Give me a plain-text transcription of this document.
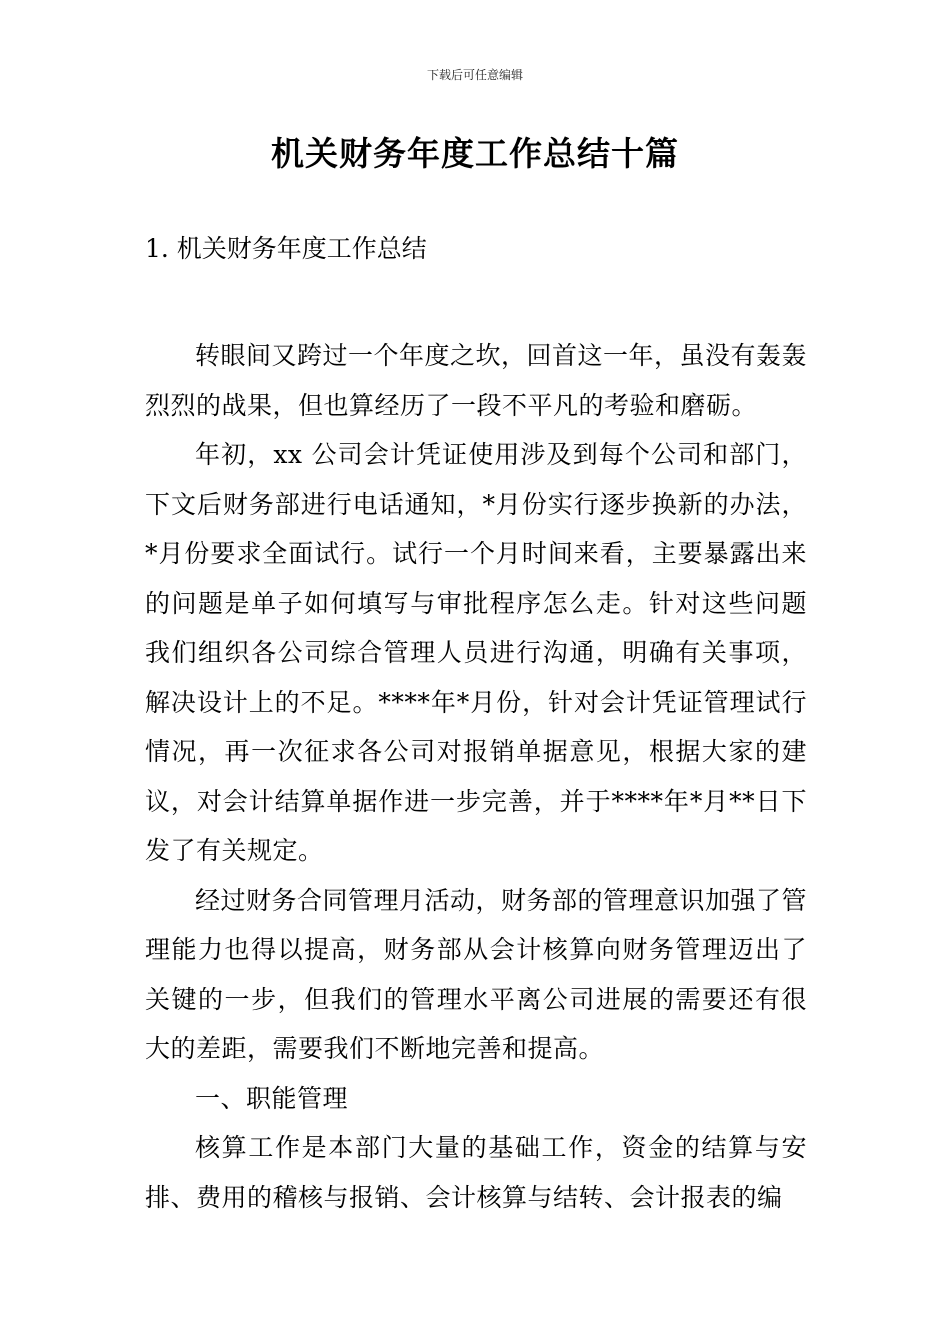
下载后可任意编辑
机关财务年度工作总结十篇
1. 机关财务年度工作总结

转眼间又跨过一个年度之坎，回首这一年，虽没有轰轰烈烈的战果，但也算经历了一段不平凡的考验和磨砺。

年初，xx 公司会计凭证使用涉及到每个公司和部门，下文后财务部进行电话通知，*月份实行逐步换新的办法，*月份要求全面试行。试行一个月时间来看，主要暴露出来的问题是单子如何填写与审批程序怎么走。针对这些问题我们组织各公司综合管理人员进行沟通，明确有关事项，解决设计上的不足。****年*月份，针对会计凭证管理试行情况，再一次征求各公司对报销单据意见，根据大家的建议，对会计结算单据作进一步完善，并于****年*月**日下发了有关规定。

经过财务合同管理月活动，财务部的管理意识加强了管理能力也得以提高，财务部从会计核算向财务管理迈出了关键的一步，但我们的管理水平离公司进展的需要还有很大的差距，需要我们不断地完善和提高。

一、职能管理

核算工作是本部门大量的基础工作，资金的结算与安排、费用的稽核与报销、会计核算与结转、会计报表的编
